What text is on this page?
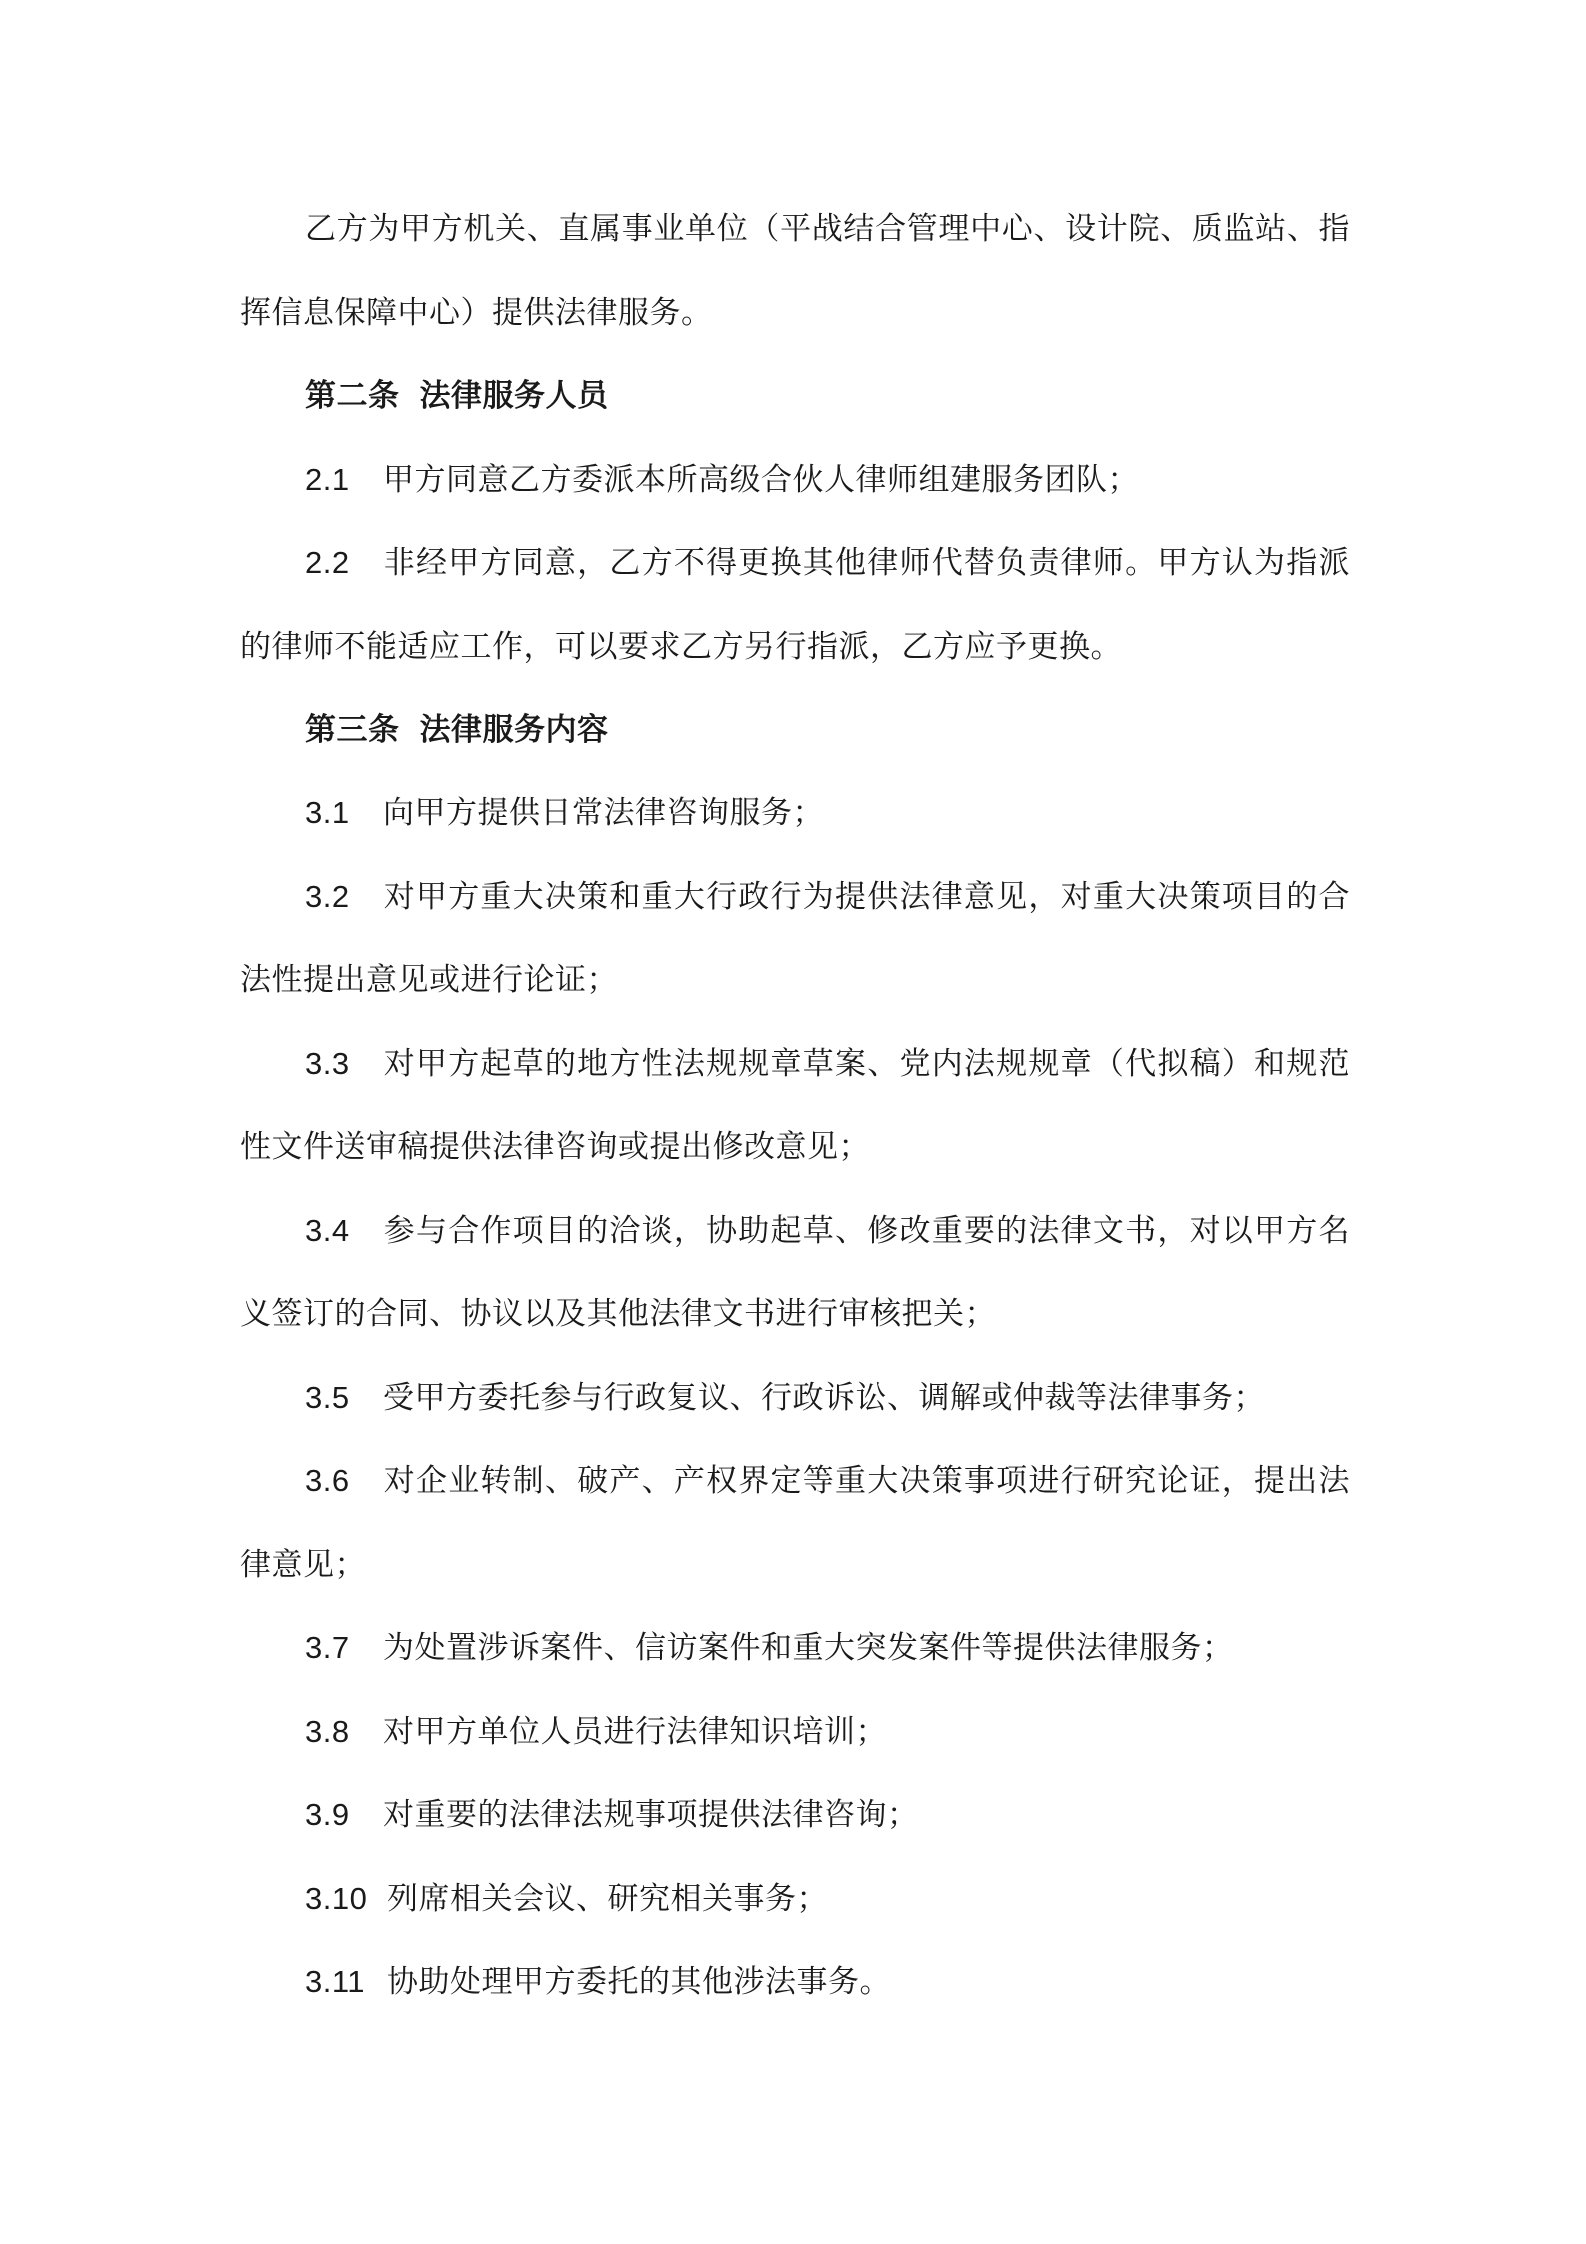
乙方为甲方机关、直属事业单位（平战结合管理中心、设计院、质监站、指
挥信息保障中心）提供法律服务。
第二条 法律服务人员
2.1 甲方同意乙方委派本所高级合伙人律师组建服务团队；
2.2 非经甲方同意，乙方不得更换其他律师代替负责律师。甲方认为指派
的律师不能适应工作，可以要求乙方另行指派，乙方应予更换。
第三条 法律服务内容
3.1 向甲方提供日常法律咨询服务；
3.2 对甲方重大决策和重大行政行为提供法律意见，对重大决策项目的合
法性提出意见或进行论证；
3.3 对甲方起草的地方性法规规章草案、党内法规规章（代拟稿）和规范
性文件送审稿提供法律咨询或提出修改意见；
3.4 参与合作项目的洽谈，协助起草、修改重要的法律文书，对以甲方名
义签订的合同、协议以及其他法律文书进行审核把关；
3.5 受甲方委托参与行政复议、行政诉讼、调解或仲裁等法律事务；
3.6 对企业转制、破产、产权界定等重大决策事项进行研究论证，提出法
律意见；
3.7 为处置涉诉案件、信访案件和重大突发案件等提供法律服务；
3.8 对甲方单位人员进行法律知识培训；
3.9 对重要的法律法规事项提供法律咨询；
3.10 列席相关会议、研究相关事务；
3.11 协助处理甲方委托的其他涉法事务。
